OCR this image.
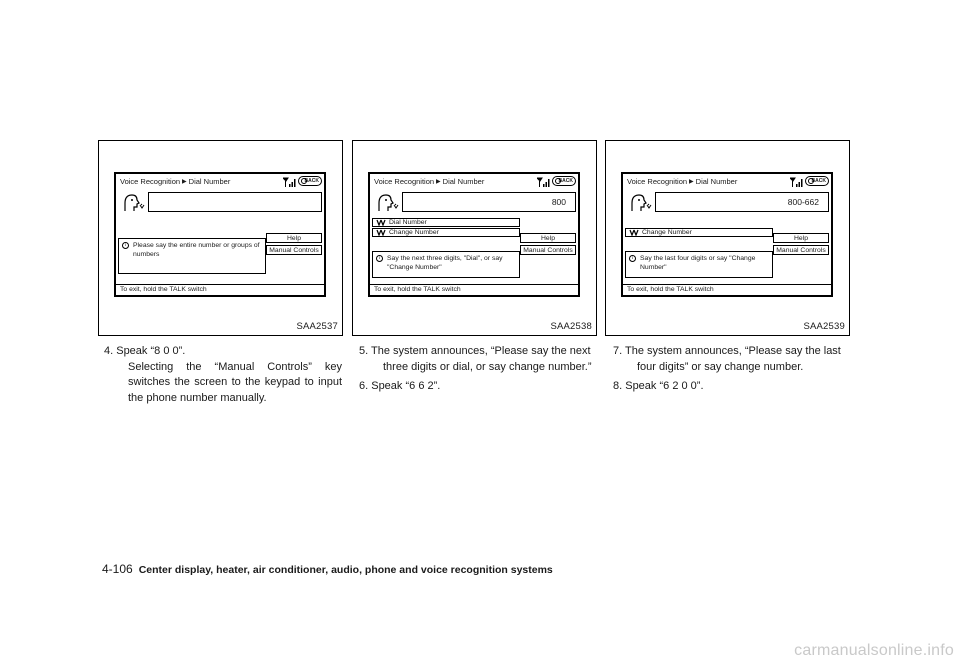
Voice Recognition ▶ Dial Number	BACK
i	Please say the entire number or groups of numbers
Help
Manual Controls
To exit, hold the TALK switch
SAA2537
Voice Recognition ▶ Dial Number	BACK
800
Dial Number
Change Number
i	Say the next three digits, "Dial", or say "Change Number"
Help
Manual Controls
To exit, hold the TALK switch
SAA2538
Voice Recognition ▶ Dial Number	BACK
800-662
Change Number
i	Say the last four digits or say "Change Number"
Help
Manual Controls
To exit, hold the TALK switch
SAA2539

4. Speak “8 0 0”.

Selecting the “Manual Controls” key switches the screen to the keypad to input the phone number manually.

5. The system announces, “Please say the next three digits or dial, or say change number.”

6. Speak “6 6 2”.

7. The system announces, “Please say the last four digits” or say change number.

8. Speak “6 2 0 0”.

4-106 Center display, heater, air conditioner, audio, phone and voice recognition systems
carmanualsonline.info
